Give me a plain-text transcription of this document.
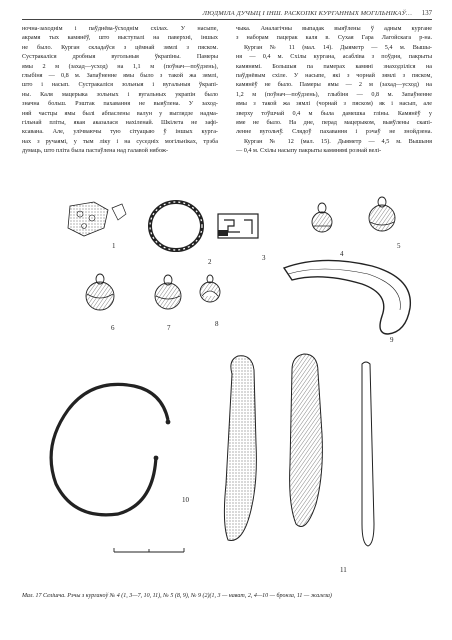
ЛЮДМІЛА ДУЧЫЦ І ІНШ. РАСКОПКІ КУРГАННЫХ МОГІЛЬНІКАЎ…	137
ночна-заходнім і паўднёва-ўсходнім схілах. У насыпе,
акрамя тых камянёў, што выступалі на паверхні, іншых
не было. Курган складаўся з цёмнай зямлі з пяском.
Сустракаліся дробныя вугольныя ўкрапіны. Памеры
ямы 2 м (захад—усход) на 1,1 м (поўнач—поўдзень),
глыбіня — 0,8 м. Запаўненне ямы было з такой жа зямлі,
што і насып. Сустракаліся зольныя і вугальныя ўкрапі-
ны. Каля мацерыка зольных і вугальных украпін было
значна больш. Рэштак пахавання не выяўлена. У заход-
няй частцы ямы былі абпаслены валун у выглядзе надма-
гільнай пліты, якая аказалася нахіленай. Шкілета не зафі-
ксавана. Але, улічваючы тую сітуацыю ў іншых курга-
нах з ручаямі, у тым ліку і на суседніх могільніках, трэба
думаць, што пліта была пастаўлена над галавой нябож-
чыка. Аналагічны выпадак выяўлены ў адным кургане
з наборам пацерак каля в. Сухая Гара Лагойскага р-на.
Курган № 11 (мал. 14). Дыяметр — 5,4 м. Вышы-
ня — 0,4 м. Схілы кургана, асабліва з поўдня, пакрыты
камянямі. Большыя па памерах камяні знаходзіліся на
паўднёвым схіле. У насыпе, які з чорнай зямлі з пяском,
камянёў не было. Памеры ямы — 2 м (захад—усход) на
1,2 м (поўнач—поўдзень), глыбіня — 0,8 м. Запаўненне
ямы з такой жа зямлі (чорнай з пяском) як і насып, але
зверху тоўшчай 0,4 м была дамешка гліны. Камянёў у
яме не было. На дне, перад мацерыком, выяўлены скапі-
ленне вугольчў. Слядоў пахавання і рэчаў не знойдзена.
Курган № 12 (мал. 15). Дыяметр — 4,5 м. Вышыня
— 0,4 м. Схілы насыпу пакрыты камянямі рознай велі-
1
2	3	4
5
6	7	8
9
10
11
Мал. 17 Селішча. Рэчы з курганоў № 4 (1, 3—7, 10, 11), № 5 (8, 9), № 9 (2)(1, 3 — нават, 2, 4—10 — бронза, 11 — жалеза)
